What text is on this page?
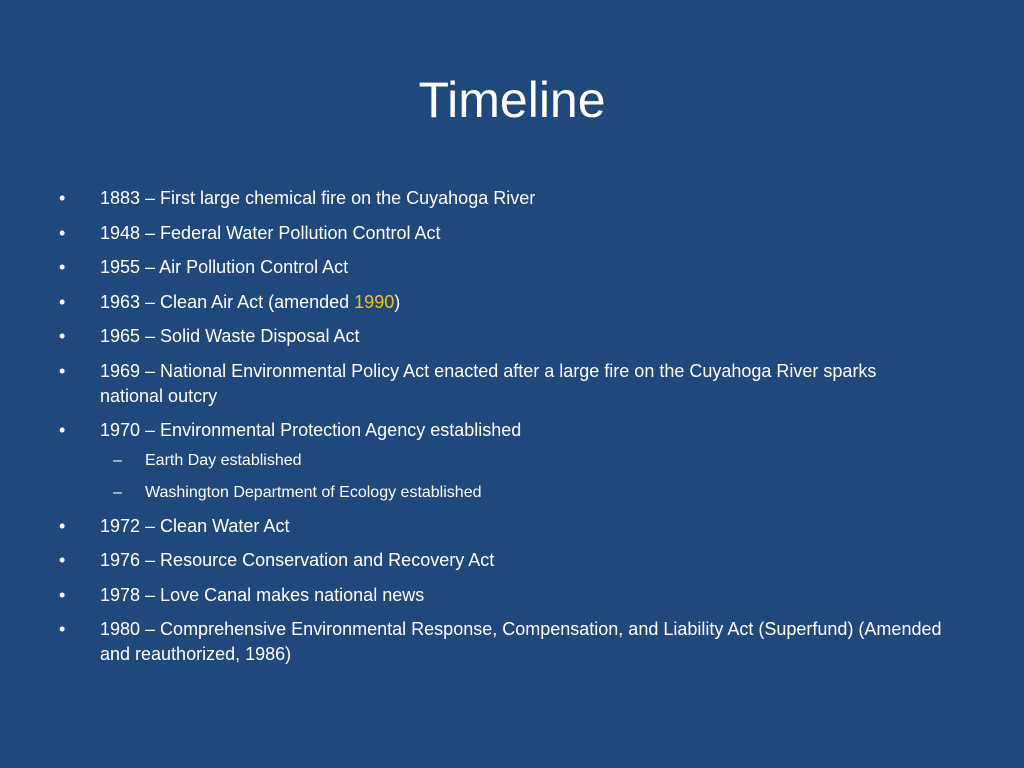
Timeline
• 1883 – First large chemical fire on the Cuyahoga River
• 1948 – Federal Water Pollution Control Act
• 1955 – Air Pollution Control Act
• 1963 – Clean Air Act (amended 1990)
• 1965 – Solid Waste Disposal Act
• 1969 – National Environmental Policy Act enacted after a large fire on the Cuyahoga River sparks national outcry
• 1970 – Environmental Protection Agency established
– Earth Day established
– Washington Department of Ecology established
• 1972 – Clean Water Act
• 1976 – Resource Conservation and Recovery Act
• 1978 – Love Canal makes national news
• 1980 – Comprehensive Environmental Response, Compensation, and Liability Act (Superfund) (Amended and reauthorized, 1986)
